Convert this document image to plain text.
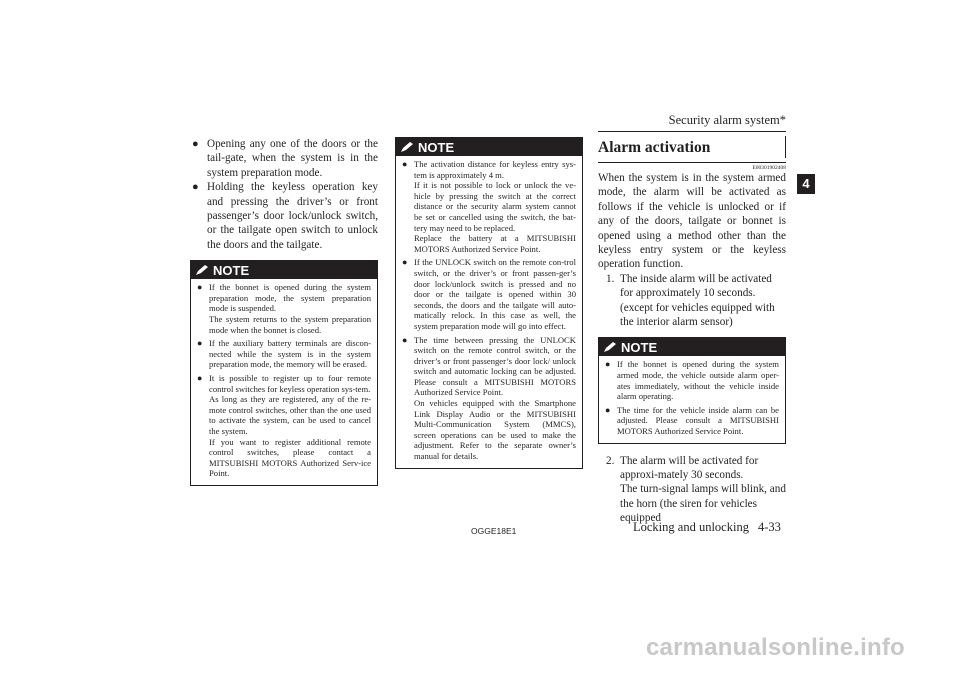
Security alarm system*
4
● Opening any one of the doors or the tail-gate, when the system is in the system preparation mode.
● Holding the keyless operation key and pressing the driver’s or front passenger’s door lock/unlock switch, or the tailgate open switch to unlock the doors and the tailgate.
NOTE
● If the bonnet is opened during the system preparation mode, the system preparation mode is suspended.

The system returns to the system preparation mode when the bonnet is closed.

● If the auxiliary battery terminals are discon-nected while the system is in the system preparation mode, the memory will be erased.

● It is possible to register up to four remote control switches for keyless operation sys-tem.

As long as they are registered, any of the re-mote control switches, other than the one used to activate the system, can be used to cancel the system.

If you want to register additional remote control switches, please contact a MITSUBISHI MOTORS Authorized Serv-ice Point.

NOTE
● The activation distance for keyless entry sys-tem is approximately 4 m.

If it is not possible to lock or unlock the ve-hicle by pressing the switch at the correct distance or the security alarm system cannot be set or cancelled using the switch, the bat-tery may need to be replaced.

Replace the battery at a MITSUBISHI MOTORS Authorized Service Point.

● If the UNLOCK switch on the remote con-trol switch, or the driver’s or front passen-ger’s door lock/unlock switch is pressed and no door or the tailgate is opened within 30 seconds, the doors and the tailgate will auto-matically relock. In this case as well, the system preparation mode will go into effect.

● The time between pressing the UNLOCK switch on the remote control switch, or the driver’s or front passenger’s door lock/ unlock switch and automatic locking can be adjusted. Please consult a MITSUBISHI MOTORS Authorized Service Point.

On vehicles equipped with the Smartphone Link Display Audio or the MITSUBISHI Multi-Communication System (MMCS), screen operations can be used to make the adjustment. Refer to the separate owner’s manual for details.

Alarm activation
E00301902408
When the system is in the system armed mode, the alarm will be activated as follows if the vehicle is unlocked or if any of the doors, tailgate or bonnet is opened using a method other than the keyless entry system or the keyless operation function.
1. The inside alarm will be activated for approximately 10 seconds. (except for vehicles equipped with the interior alarm sensor)
NOTE
● If the bonnet is opened during the system armed mode, the vehicle outside alarm oper-ates immediately, without the vehicle inside alarm operating.

● The time for the vehicle inside alarm can be adjusted. Please consult a MITSUBISHI MOTORS Authorized Service Point.

2. The alarm will be activated for approxi-mately 30 seconds.
The turn-signal lamps will blink, and the horn (the siren for vehicles equipped
OGGE18E1	Locking and unlocking 4-33
carmanualsonline.info
